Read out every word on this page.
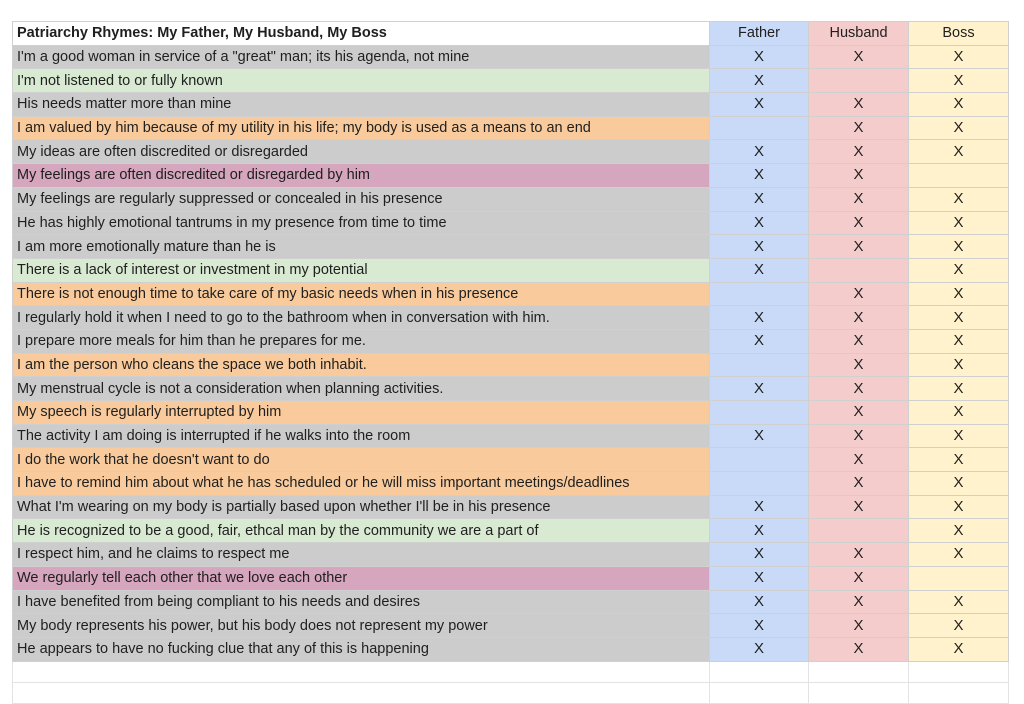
Patriarchy Rhymes: My Father, My Husband, My Boss	Father	Husband	Boss
I'm a good woman in service of a "great" man; its his agenda, not mine	X	X	X
I'm not listened to or fully known	X		X
His needs matter more than mine	X	X	X
I am valued by him because of my utility in his life; my body is used as a means to an end		X	X
My ideas are often discredited or disregarded	X	X	X
My feelings are often discredited or disregarded by him	X	X	
My feelings are regularly suppressed or concealed in his presence	X	X	X
He has highly emotional tantrums in my presence from time to time	X	X	X
I am more emotionally mature than he is	X	X	X
There is a lack of interest or investment in my potential	X		X
There is not enough time to take care of my basic needs when in his presence		X	X
I regularly hold it when I need to go to the bathroom when in conversation with him.	X	X	X
I prepare more meals for him than he prepares for me.	X	X	X
I am the person who cleans the space we both inhabit.		X	X
My menstrual cycle is not a consideration when planning activities.	X	X	X
My speech is regularly interrupted by him		X	X
The activity I am doing is interrupted if he walks into the room	X	X	X
I do the work that he doesn't want to do		X	X
I have to remind him about what he has scheduled or he will miss important meetings/deadlines		X	X
What I'm wearing on my body is partially based upon whether I'll be in his presence	X	X	X
He is recognized to be a good, fair, ethcal man by the community we are a part of	X		X
I respect him, and he claims to respect me	X	X	X
We regularly tell each other that we love each other	X	X	
I have benefited from being compliant to his needs and desires	X	X	X
My body represents his power, but his body does not represent my power	X	X	X
He appears to have no fucking clue that any of this is happening	X	X	X
